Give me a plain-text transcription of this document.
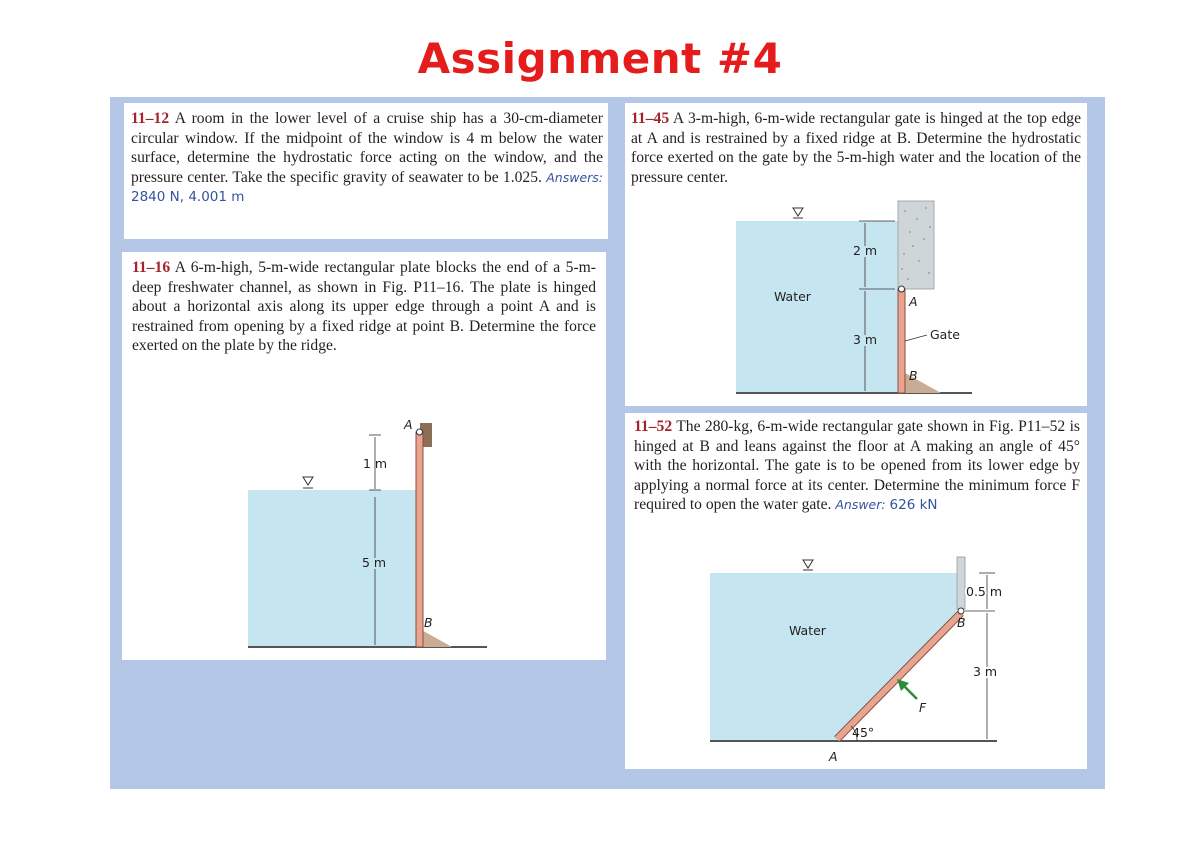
Assignment #4
11–12 A room in the lower level of a cruise ship has a 30-cm-diameter circular window. If the midpoint of the window is 4 m below the water surface, determine the hydrostatic force acting on the window, and the pressure center. Take the specific gravity of seawater to be 1.025. Answers: 2840 N, 4.001 m
11–16 A 6-m-high, 5-m-wide rectangular plate blocks the end of a 5-m-deep freshwater channel, as shown in Fig. P11–16. The plate is hinged about a horizontal axis along its upper edge through a point A and is restrained from opening by a fixed ridge at point B. Determine the force exerted on the plate by the ridge.
A
B
1 m
5 m
11–45 A 3-m-high, 6-m-wide rectangular gate is hinged at the top edge at A and is restrained by a fixed ridge at B. Determine the hydrostatic force exerted on the gate by the 5-m-high water and the location of the pressure center.
A
B
Water
Gate
2 m
3 m
11–52 The 280-kg, 6-m-wide rectangular gate shown in Fig. P11–52 is hinged at B and leans against the floor at A making an angle of 45° with the horizontal. The gate is to be opened from its lower edge by applying a normal force at its center. Determine the minimum force F required to open the water gate. Answer: 626 kN
B
A
Water
45°
F
0.5 m
3 m
